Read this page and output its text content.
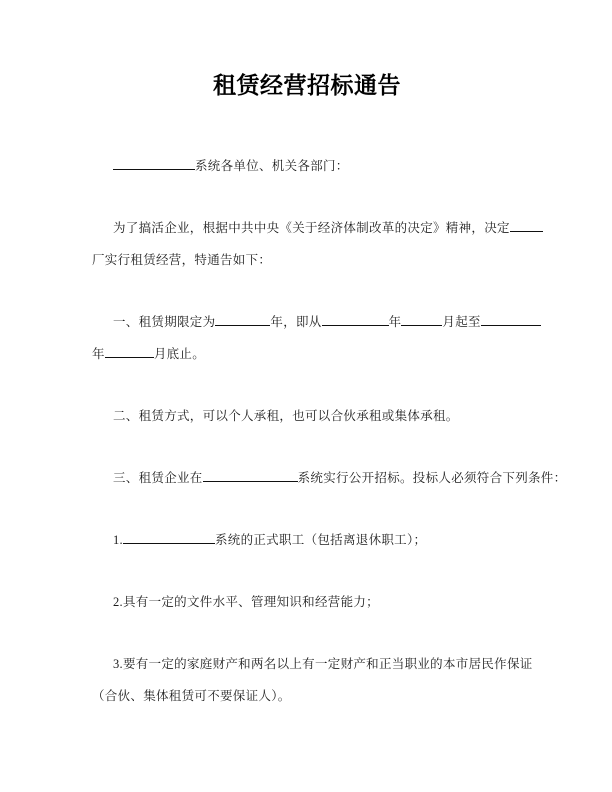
租赁经营招标通告
系统各单位、机关各部门：
为了搞活企业，根据中共中央《关于经济体制改革的决定》精神，决定
厂实行租赁经营，特通告如下：
一、租赁期限定为	年，即从	年	月起至
年	月底止。
二、租赁方式，可以个人承租，也可以合伙承租或集体承租。
三、租赁企业在	系统实行公开招标。投标人必须符合下列条件：
1.	系统的正式职工（包括离退休职工）；
2.具有一定的文件水平、管理知识和经营能力；
3.要有一定的家庭财产和两名以上有一定财产和正当职业的本市居民作保证
（合伙、集体租赁可不要保证人）。
